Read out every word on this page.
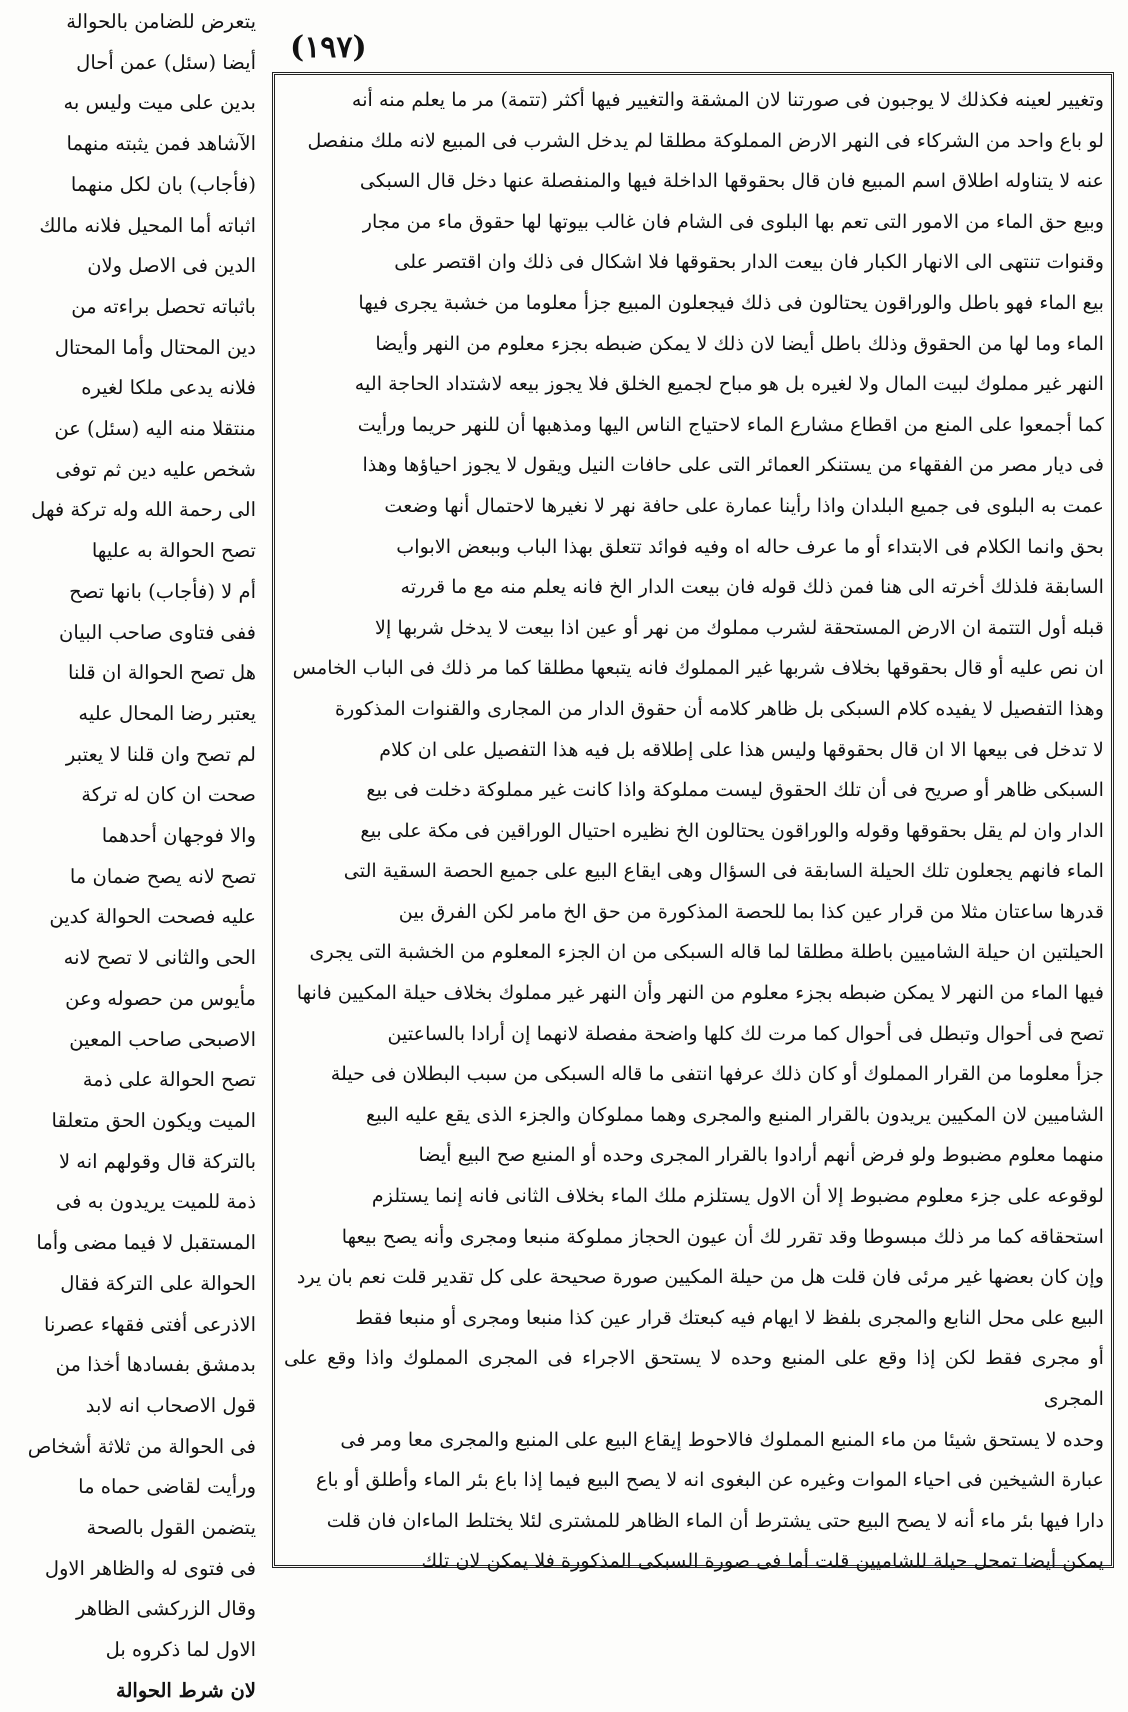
(۱۹۷)

وتغيير لعينه فكذلك لا يوجبون فى صورتنا لان المشقة والتغيير فيها أكثر (تتمة) مر ما يعلم منه أنه

لو باع واحد من الشركاء فى النهر الارض المملوكة مطلقا لم يدخل الشرب فى المبيع لانه ملك منفصل

عنه لا يتناوله اطلاق اسم المبيع فان قال بحقوقها الداخلة فيها والمنفصلة عنها دخل قال السبكى

وبيع حق الماء من الامور التى تعم بها البلوى فى الشام فان غالب بيوتها لها حقوق ماء من مجار

وقنوات تنتهى الى الانهار الكبار فان بيعت الدار بحقوقها فلا اشكال فى ذلك وان اقتصر على

بيع الماء فهو باطل والوراقون يحتالون فى ذلك فيجعلون المبيع جزأ معلوما من خشبة يجرى فيها

الماء وما لها من الحقوق وذلك باطل أيضا لان ذلك لا يمكن ضبطه بجزء معلوم من النهر وأيضا

النهر غير مملوك لبيت المال ولا لغيره بل هو مباح لجميع الخلق فلا يجوز بيعه لاشتداد الحاجة اليه

كما أجمعوا على المنع من اقطاع مشارع الماء لاحتياج الناس اليها ومذهبها أن للنهر حريما ورأيت

فى ديار مصر من الفقهاء من يستنكر العمائر التى على حافات النيل ويقول لا يجوز احياؤها وهذا

عمت به البلوى فى جميع البلدان واذا رأينا عمارة على حافة نهر لا نغيرها لاحتمال أنها وضعت

بحق وانما الكلام فى الابتداء أو ما عرف حاله اه وفيه فوائد تتعلق بهذا الباب وببعض الابواب

السابقة فلذلك أخرته الى هنا فمن ذلك قوله فان بيعت الدار الخ فانه يعلم منه مع ما قررته

قبله أول التتمة ان الارض المستحقة لشرب مملوك من نهر أو عين اذا بيعت لا يدخل شربها إلا

ان نص عليه أو قال بحقوقها بخلاف شربها غير المملوك فانه يتبعها مطلقا كما مر ذلك فى الباب الخامس

وهذا التفصيل لا يفيده كلام السبكى بل ظاهر كلامه أن حقوق الدار من المجارى والقنوات المذكورة

لا تدخل فى بيعها الا ان قال بحقوقها وليس هذا على إطلاقه بل فيه هذا التفصيل على ان كلام

السبكى ظاهر أو صريح فى أن تلك الحقوق ليست مملوكة واذا كانت غير مملوكة دخلت فى بيع

الدار وان لم يقل بحقوقها وقوله والوراقون يحتالون الخ نظيره احتيال الوراقين فى مكة على بيع

الماء فانهم يجعلون تلك الحيلة السابقة فى السؤال وهى ايقاع البيع على جميع الحصة السقية التى

قدرها ساعتان مثلا من قرار عين كذا بما للحصة المذكورة من حق الخ مامر لكن الفرق بين

الحيلتين ان حيلة الشاميين باطلة مطلقا لما قاله السبكى من ان الجزء المعلوم من الخشبة التى يجرى

فيها الماء من النهر لا يمكن ضبطه بجزء معلوم من النهر وأن النهر غير مملوك بخلاف حيلة المكيين فانها

تصح فى أحوال وتبطل فى أحوال كما مرت لك كلها واضحة مفصلة لانهما إن أرادا بالساعتين

جزأ معلوما من القرار المملوك أو كان ذلك عرفها انتفى ما قاله السبكى من سبب البطلان فى حيلة

الشاميين لان المكيين يريدون بالقرار المنبع والمجرى وهما مملوكان والجزء الذى يقع عليه البيع

منهما معلوم مضبوط ولو فرض أنهم أرادوا بالقرار المجرى وحده أو المنبع صح البيع أيضا

لوقوعه على جزء معلوم مضبوط إلا أن الاول يستلزم ملك الماء بخلاف الثانى فانه إنما يستلزم

استحقاقه كما مر ذلك مبسوطا وقد تقرر لك أن عيون الحجاز مملوكة منبعا ومجرى وأنه يصح بيعها

وإن كان بعضها غير مرئى فان قلت هل من حيلة المكيين صورة صحيحة على كل تقدير قلت نعم بان يرد

البيع على محل النابع والمجرى بلفظ لا ايهام فيه كبعتك قرار عين كذا منبعا ومجرى أو منبعا فقط

أو مجرى فقط لكن إذا وقع على المنبع وحده لا يستحق الاجراء فى المجرى المملوك واذا وقع على المجرى

وحده لا يستحق شيئا من ماء المنبع المملوك فالاحوط إيقاع البيع على المنبع والمجرى معا ومر فى

عبارة الشيخين فى احياء الموات وغيره عن البغوى انه لا يصح البيع فيما إذا باع بئر الماء وأطلق أو باع

دارا فيها بئر ماء أنه لا يصح البيع حتى يشترط أن الماء الظاهر للمشترى لئلا يختلط الماءان فان قلت

يمكن أيضا تمحل حيلة للشاميين قلت أما فى صورة السبكى المذكورة فلا يمكن لان تلك

يتعرض للضامن بالحوالة

أيضا (سئل) عمن أحال

بدين على ميت وليس به

الآشاهد فمن يثبته منهما

(فأجاب) بان لكل منهما

اثباته أما المحيل فلانه مالك

الدين فى الاصل ولان

باثباته تحصل براءته من

دين المحتال وأما المحتال

فلانه يدعى ملكا لغيره

منتقلا منه اليه (سئل) عن

شخص عليه دين ثم توفى

الى رحمة الله وله تركة فهل

تصح الحوالة به عليها

أم لا (فأجاب) بانها تصح

ففى فتاوى صاحب البيان

هل تصح الحوالة ان قلنا

يعتبر رضا المحال عليه

لم تصح وان قلنا لا يعتبر

صحت ان كان له تركة

والا فوجهان أحدهما

تصح لانه يصح ضمان ما

عليه فصحت الحوالة كدين

الحى والثانى لا تصح لانه

مأيوس من حصوله وعن

الاصبحى صاحب المعين

تصح الحوالة على ذمة

الميت ويكون الحق متعلقا

بالتركة قال وقولهم انه لا

ذمة للميت يريدون به فى

المستقبل لا فيما مضى وأما

الحوالة على التركة فقال

الاذرعى أفتى فقهاء عصرنا

بدمشق بفسادها أخذا من

قول الاصحاب انه لابد

فى الحوالة من ثلاثة أشخاص

ورأيت لقاضى حماه ما

يتضمن القول بالصحة

فى فتوى له والظاهر الاول

وقال الزركشى الظاهر

الاول لما ذكروه بل

لان شرط الحوالة
